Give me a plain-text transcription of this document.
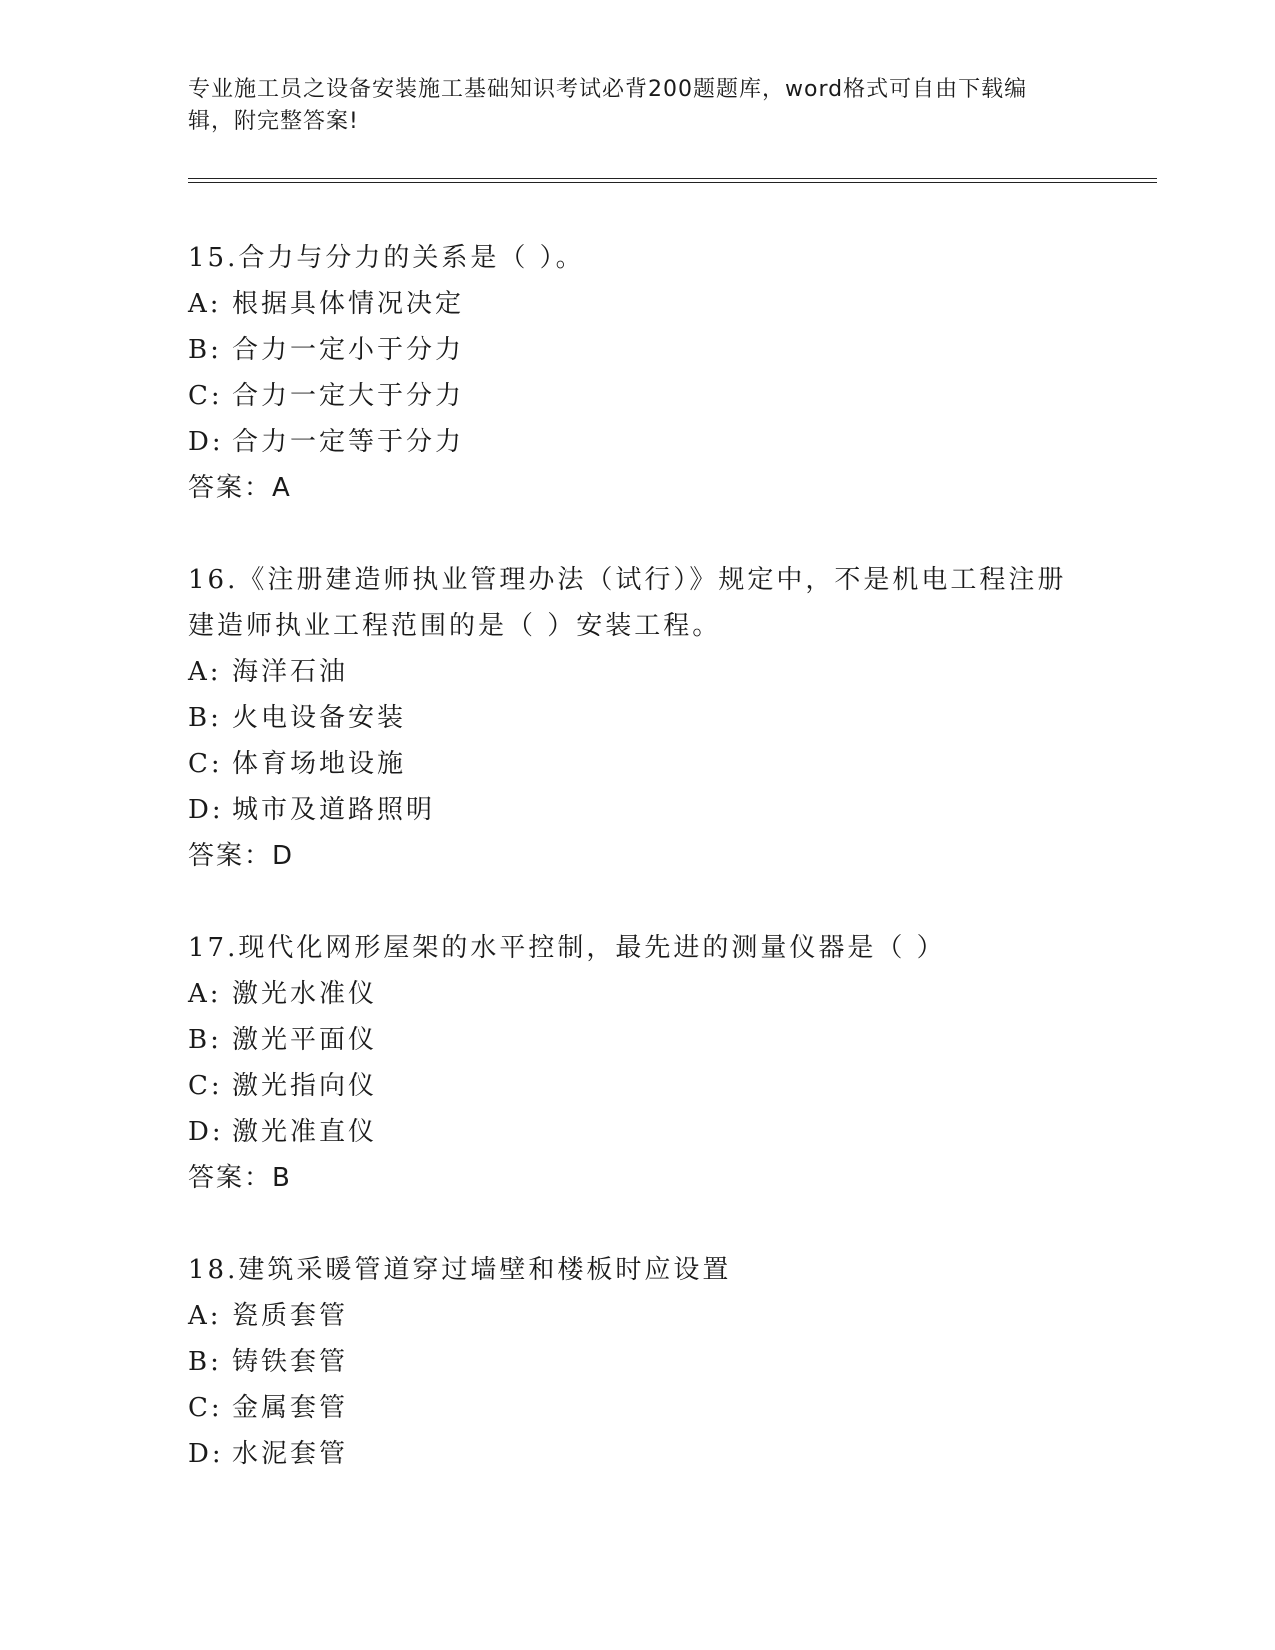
专业施工员之设备安装施工基础知识考试必背200题题库，word格式可自由下载编辑，附完整答案!
15.合力与分力的关系是（ ）。
A: 根据具体情况决定
B: 合力一定小于分力
C: 合力一定大于分力
D: 合力一定等于分力
答案：A
16.《注册建造师执业管理办法（试行）》规定中，不是机电工程注册建造师执业工程范围的是（ ）安装工程。
A: 海洋石油
B: 火电设备安装
C: 体育场地设施
D: 城市及道路照明
答案：D
17.现代化网形屋架的水平控制，最先进的测量仪器是（ ）
A: 激光水准仪
B: 激光平面仪
C: 激光指向仪
D: 激光准直仪
答案：B
18.建筑采暖管道穿过墙壁和楼板时应设置
A: 瓷质套管
B: 铸铁套管
C: 金属套管
D: 水泥套管
